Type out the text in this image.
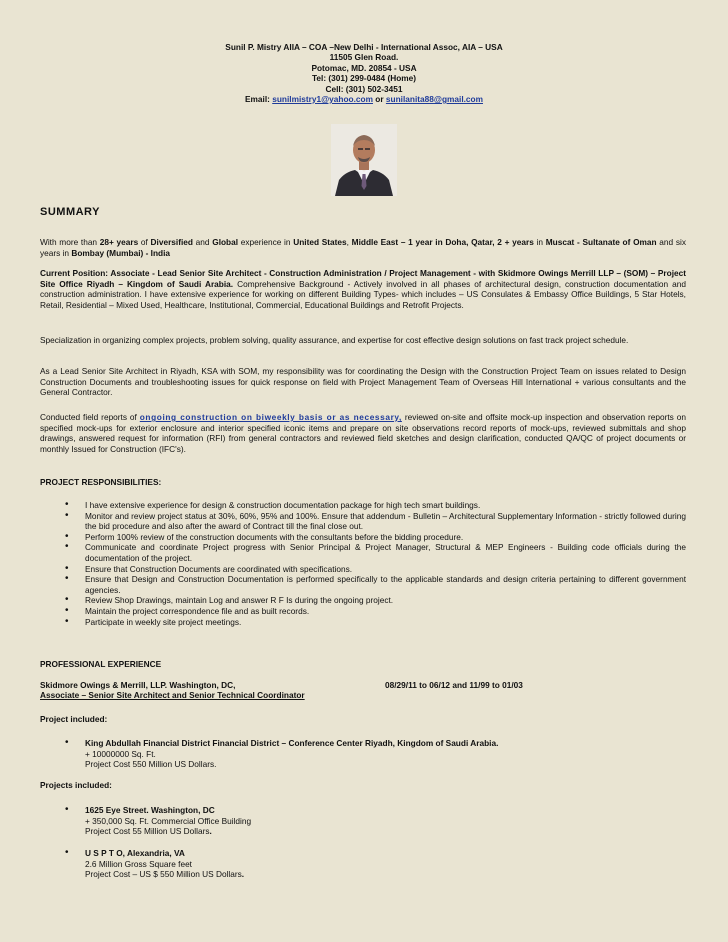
Sunil P. Mistry AIIA – COA –New Delhi - International Assoc, AIA – USA
11505 Glen Road.
Potomac, MD. 20854 - USA
Tel: (301) 299-0484 (Home)
Cell: (301) 502-3451
Email: sunilmistry1@yahoo.com or sunilanita88@gmail.com
SUMMARY
With more than 28+ years of Diversified and Global experience in United States, Middle East – 1 year in Doha, Qatar, 2 + years in Muscat - Sultanate of Oman and six years in Bombay (Mumbai) - India
Current Position: Associate - Lead Senior Site Architect - Construction Administration / Project Management - with Skidmore Owings Merrill LLP – (SOM) – Project Site Office Riyadh – Kingdom of Saudi Arabia. Comprehensive Background - Actively involved in all phases of architectural design, construction documentation and construction administration. I have extensive experience for working on different Building Types- which includes – US Consulates & Embassy Office Buildings, 5 Star Hotels, Retail, Residential – Mixed Used, Healthcare, Institutional, Commercial, Educational Buildings and Retrofit Projects.
Specialization in organizing complex projects, problem solving, quality assurance, and expertise for cost effective design solutions on fast track project schedule.
As a Lead Senior Site Architect in Riyadh, KSA with SOM, my responsibility was for coordinating the Design with the Construction Project Team on issues related to Design Construction Documents and troubleshooting issues for quick response on field with Project Management Team of Overseas Hill International + various consultants and the General Contractor.
Conducted field reports of ongoing construction on biweekly basis or as necessary, reviewed on-site and offsite mock-up inspection and observation reports on specified mock-ups for exterior enclosure and interior specified iconic items and prepare on site observations record reports of mock-ups, reviewed submittals and shop drawings, answered request for information (RFI) from general contractors and reviewed field sketches and design clarification, conducted QA/QC of project documents or monthly Issued for Construction (IFC's).
PROJECT RESPONSIBILITIES:
• I have extensive experience for design & construction documentation package for high tech smart buildings.
• Monitor and review project status at 30%, 60%, 95% and 100%. Ensure that addendum - Bulletin – Architectural Supplementary Information - strictly followed during the bid procedure and also after the award of Contract till the final close out.
• Perform 100% review of the construction documents with the consultants before the bidding procedure.
• Communicate and coordinate Project progress with Senior Principal & Project Manager, Structural & MEP Engineers - Building code officials during the documentation of the project.
• Ensure that Construction Documents are coordinated with specifications.
• Ensure that Design and Construction Documentation is performed specifically to the applicable standards and design criteria pertaining to different government agencies.
• Review Shop Drawings, maintain Log and answer R F Is during the ongoing project.
• Maintain the project correspondence file and as built records.
• Participate in weekly site project meetings.
PROFESSIONAL EXPERIENCE
Skidmore Owings & Merrill, LLP. Washington, DC,	08/29/11 to 06/12 and 11/99 to 01/03
Associate – Senior Site Architect and Senior Technical Coordinator
Project included:
• King Abdullah Financial District Financial District – Conference Center Riyadh, Kingdom of Saudi Arabia.
+ 10000000 Sq. Ft.
Project Cost 550 Million US Dollars.
Projects included:
• 1625 Eye Street. Washington, DC
+ 350,000 Sq. Ft. Commercial Office Building
Project Cost 55 Million US Dollars.
• U S P T O, Alexandria, VA
2.6 Million Gross Square feet
Project Cost – US $ 550 Million US Dollars.
